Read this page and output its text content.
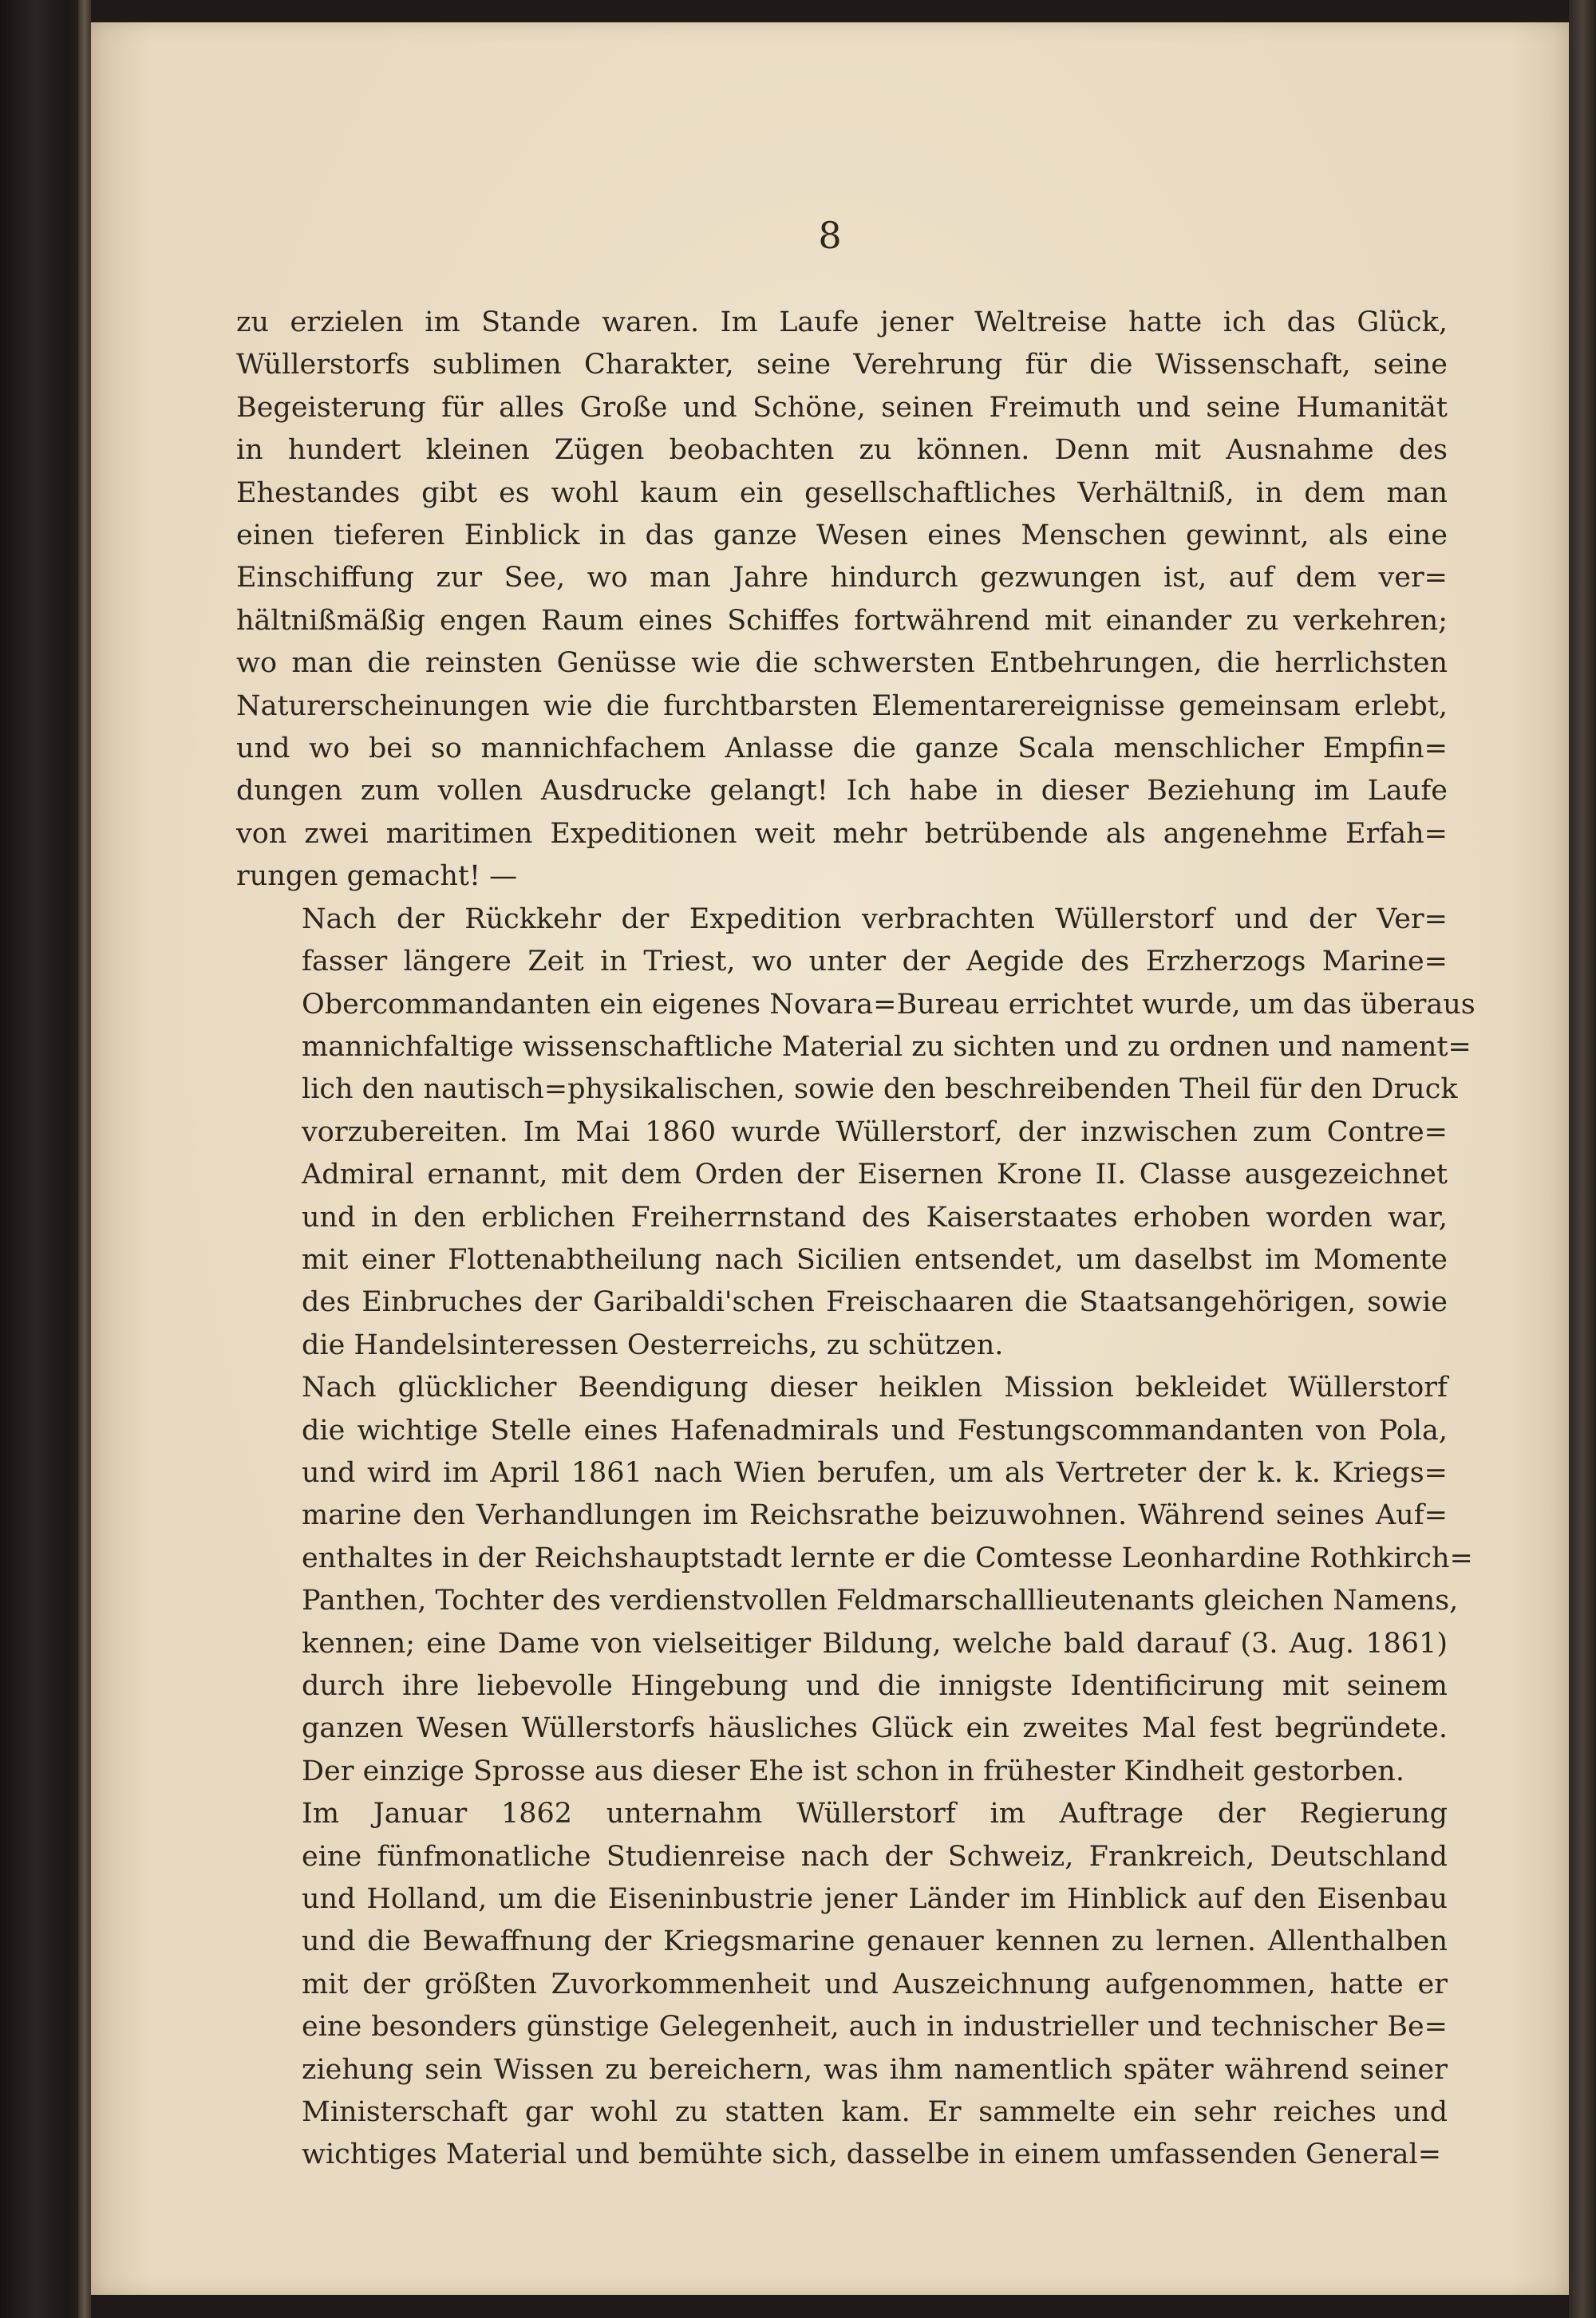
8
zu erzielen im Stande waren. Im Laufe jener Weltreise hatte ich das Glück,
Wüllerstorfs sublimen Charakter, seine Verehrung für die Wissenschaft, seine
Begeisterung für alles Große und Schöne, seinen Freimuth und seine Humanität
in hundert kleinen Zügen beobachten zu können. Denn mit Ausnahme des
Ehestandes gibt es wohl kaum ein gesellschaftliches Verhältniß, in dem man
einen tieferen Einblick in das ganze Wesen eines Menschen gewinnt, als eine
Einschiffung zur See, wo man Jahre hindurch gezwungen ist, auf dem ver=
hältnißmäßig engen Raum eines Schiffes fortwährend mit einander zu verkehren;
wo man die reinsten Genüsse wie die schwersten Entbehrungen, die herrlichsten
Naturerscheinungen wie die furchtbarsten Elementarereignisse gemeinsam erlebt,
und wo bei so mannichfachem Anlasse die ganze Scala menschlicher Empfin=
dungen zum vollen Ausdrucke gelangt! Ich habe in dieser Beziehung im Laufe
von zwei maritimen Expeditionen weit mehr betrübende als angenehme Erfah=
rungen gemacht! —
Nach der Rückkehr der Expedition verbrachten Wüllerstorf und der Ver=
fasser längere Zeit in Triest, wo unter der Aegide des Erzherzogs Marine=
Obercommandanten ein eigenes Novara=Bureau errichtet wurde, um das überaus
mannichfaltige wissenschaftliche Material zu sichten und zu ordnen und nament=
lich den nautisch=physikalischen, sowie den beschreibenden Theil für den Druck
vorzubereiten. Im Mai 1860 wurde Wüllerstorf, der inzwischen zum Contre=
Admiral ernannt, mit dem Orden der Eisernen Krone II. Classe ausgezeichnet
und in den erblichen Freiherrnstand des Kaiserstaates erhoben worden war,
mit einer Flottenabtheilung nach Sicilien entsendet, um daselbst im Momente
des Einbruches der Garibaldi'schen Freischaaren die Staatsangehörigen, sowie
die Handelsinteressen Oesterreichs, zu schützen.
Nach glücklicher Beendigung dieser heiklen Mission bekleidet Wüllerstorf
die wichtige Stelle eines Hafenadmirals und Festungscommandanten von Pola,
und wird im April 1861 nach Wien berufen, um als Vertreter der k. k. Kriegs=
marine den Verhandlungen im Reichsrathe beizuwohnen. Während seines Auf=
enthaltes in der Reichshauptstadt lernte er die Comtesse Leonhardine Rothkirch=
Panthen, Tochter des verdienstvollen Feldmarschalllieutenants gleichen Namens,
kennen; eine Dame von vielseitiger Bildung, welche bald darauf (3. Aug. 1861)
durch ihre liebevolle Hingebung und die innigste Identificirung mit seinem
ganzen Wesen Wüllerstorfs häusliches Glück ein zweites Mal fest begründete.
Der einzige Sprosse aus dieser Ehe ist schon in frühester Kindheit gestorben.
Im Januar 1862 unternahm Wüllerstorf im Auftrage der Regierung
eine fünfmonatliche Studienreise nach der Schweiz, Frankreich, Deutschland
und Holland, um die Eiseninbustrie jener Länder im Hinblick auf den Eisenbau
und die Bewaffnung der Kriegsmarine genauer kennen zu lernen. Allenthalben
mit der größten Zuvorkommenheit und Auszeichnung aufgenommen, hatte er
eine besonders günstige Gelegenheit, auch in industrieller und technischer Be=
ziehung sein Wissen zu bereichern, was ihm namentlich später während seiner
Ministerschaft gar wohl zu statten kam. Er sammelte ein sehr reiches und
wichtiges Material und bemühte sich, dasselbe in einem umfassenden General=
